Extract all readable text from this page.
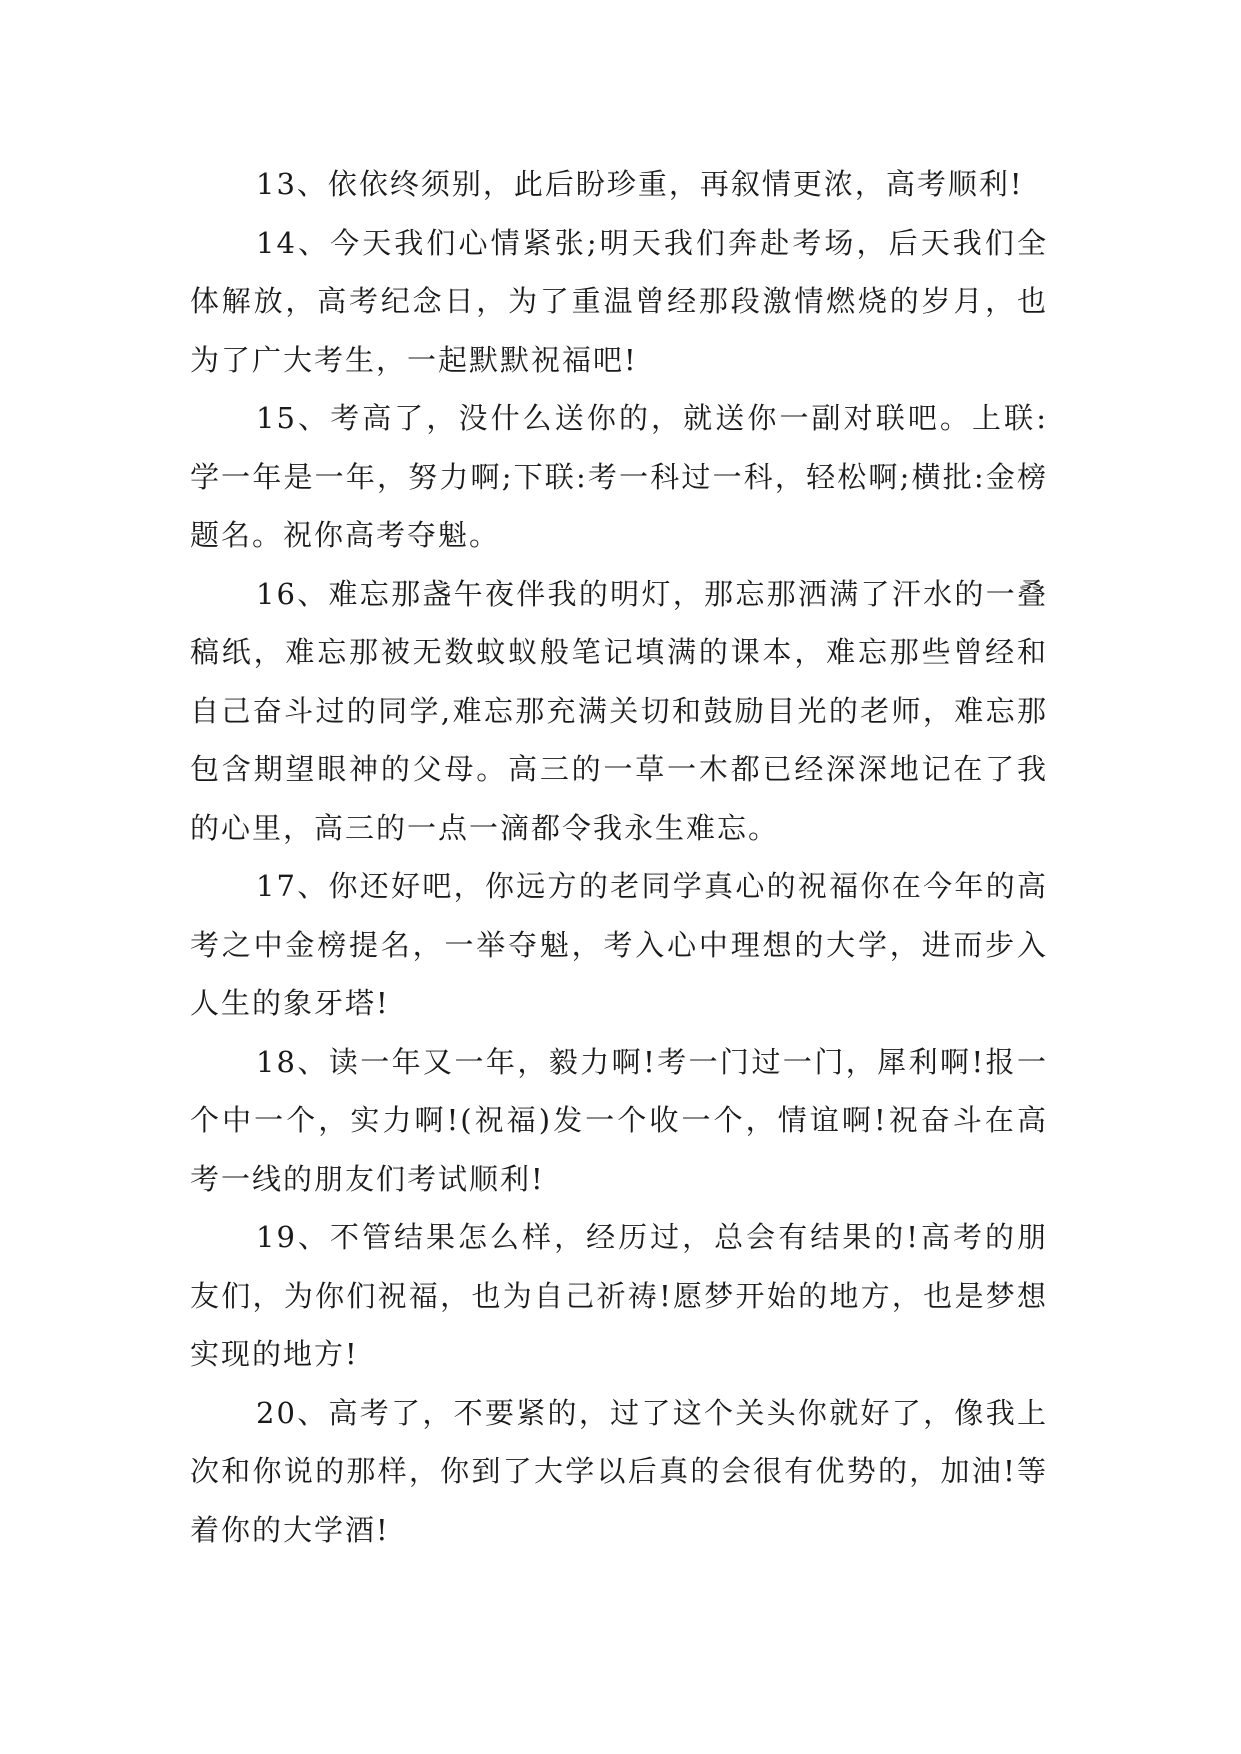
13、依依终须别，此后盼珍重，再叙情更浓，高考顺利!

14、今天我们心情紧张;明天我们奔赴考场，后天我们全体解放，高考纪念日，为了重温曾经那段激情燃烧的岁月，也为了广大考生，一起默默祝福吧!

15、考高了，没什么送你的，就送你一副对联吧。上联:学一年是一年，努力啊;下联:考一科过一科，轻松啊;横批:金榜题名。祝你高考夺魁。

16、难忘那盏午夜伴我的明灯，那忘那洒满了汗水的一叠稿纸，难忘那被无数蚊蚁般笔记填满的课本，难忘那些曾经和自己奋斗过的同学,难忘那充满关切和鼓励目光的老师，难忘那包含期望眼神的父母。高三的一草一木都已经深深地记在了我的心里，高三的一点一滴都令我永生难忘。

17、你还好吧，你远方的老同学真心的祝福你在今年的高考之中金榜提名，一举夺魁，考入心中理想的大学，进而步入人生的象牙塔!

18、读一年又一年，毅力啊!考一门过一门，犀利啊!报一个中一个，实力啊!(祝福)发一个收一个，情谊啊!祝奋斗在高考一线的朋友们考试顺利!

19、不管结果怎么样，经历过，总会有结果的!高考的朋友们，为你们祝福，也为自己祈祷!愿梦开始的地方，也是梦想实现的地方!

20、高考了，不要紧的，过了这个关头你就好了，像我上次和你说的那样，你到了大学以后真的会很有优势的，加油!等着你的大学酒!
